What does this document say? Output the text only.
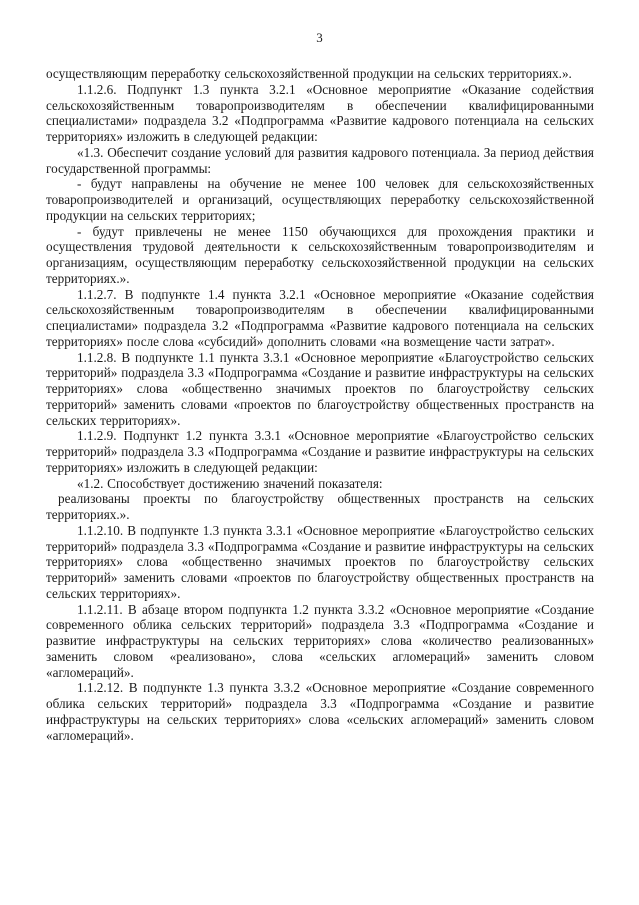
3

осуществляющим переработку сельскохозяйственной продукции на сельских территориях.».

1.1.2.6. Подпункт 1.3 пункта 3.2.1 «Основное мероприятие «Оказание содействия сельскохозяйственным товаропроизводителям в обеспечении квалифицированными специалистами» подраздела 3.2 «Подпрограмма «Развитие кадрового потенциала на сельских территориях» изложить в следующей редакции:

«1.3. Обеспечит создание условий для развития кадрового потенциала. За период действия государственной программы:

- будут направлены на обучение не менее 100 человек для сельскохозяйственных товаропроизводителей и организаций, осуществляющих переработку сельскохозяйственной продукции на сельских территориях;

- будут привлечены не менее 1150 обучающихся для прохождения практики и осуществления трудовой деятельности к сельскохозяйственным товаропроизводителям и организациям, осуществляющим переработку сельскохозяйственной продукции на сельских территориях.».

1.1.2.7. В подпункте 1.4 пункта 3.2.1 «Основное мероприятие «Оказание содействия сельскохозяйственным товаропроизводителям в обеспечении квалифицированными специалистами» подраздела 3.2 «Подпрограмма «Развитие кадрового потенциала на сельских территориях» после слова «субсидий» дополнить словами «на возмещение части затрат».

1.1.2.8. В подпункте 1.1 пункта 3.3.1 «Основное мероприятие «Благоустройство сельских территорий» подраздела 3.3 «Подпрограмма «Создание и развитие инфраструктуры на сельских территориях» слова «общественно значимых проектов по благоустройству сельских территорий» заменить словами «проектов по благоустройству общественных пространств на сельских территориях».

1.1.2.9. Подпункт 1.2 пункта 3.3.1 «Основное мероприятие «Благоустройство сельских территорий» подраздела 3.3 «Подпрограмма «Создание и развитие инфраструктуры на сельских территориях» изложить в следующей редакции:

«1.2. Способствует достижению значений показателя:

реализованы проекты по благоустройству общественных пространств на сельских территориях.».

1.1.2.10. В подпункте 1.3 пункта 3.3.1 «Основное мероприятие «Благоустройство сельских территорий» подраздела 3.3 «Подпрограмма «Создание и развитие инфраструктуры на сельских территориях» слова «общественно значимых проектов по благоустройству сельских территорий» заменить словами «проектов по благоустройству общественных пространств на сельских территориях».

1.1.2.11. В абзаце втором подпункта 1.2 пункта 3.3.2 «Основное мероприятие «Создание современного облика сельских территорий» подраздела 3.3 «Подпрограмма «Создание и развитие инфраструктуры на сельских территориях» слова «количество реализованных» заменить словом «реализовано», слова «сельских агломераций» заменить словом «агломераций».

1.1.2.12. В подпункте 1.3 пункта 3.3.2 «Основное мероприятие «Создание современного облика сельских территорий» подраздела 3.3 «Подпрограмма «Создание и развитие инфраструктуры на сельских территориях» слова «сельских агломераций» заменить словом «агломераций».
